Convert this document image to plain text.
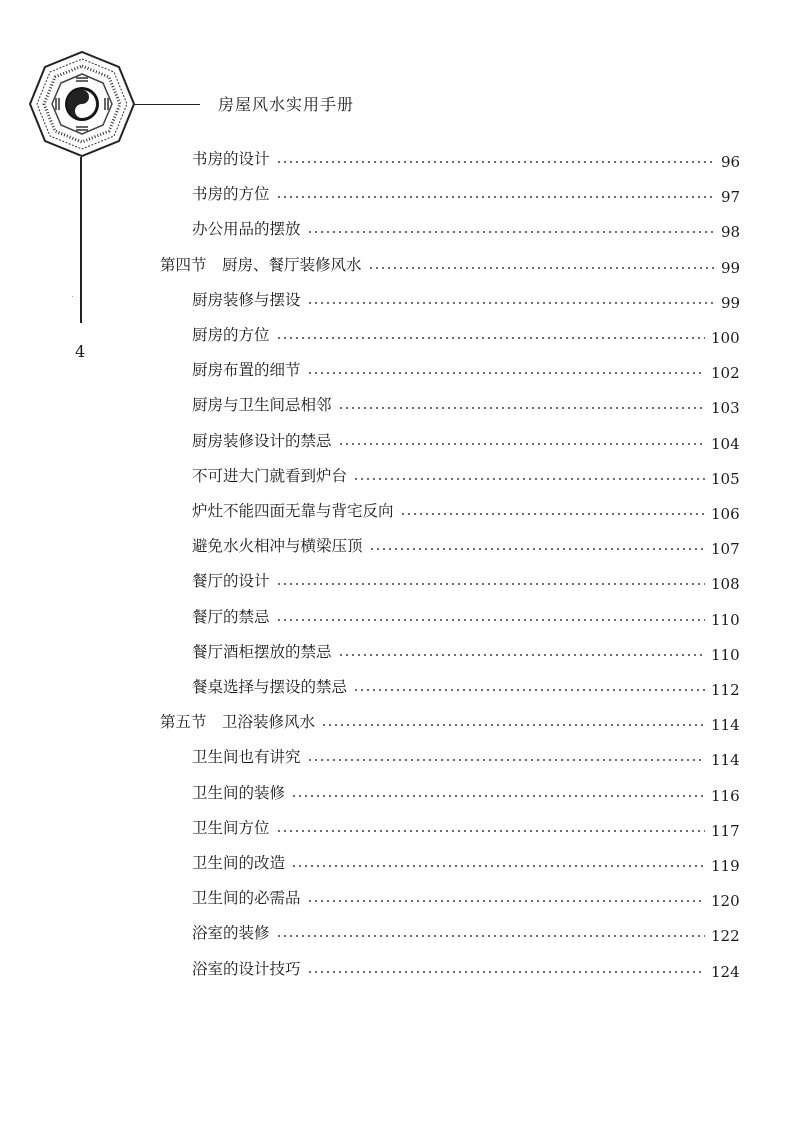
房屋风水实用手册
4
书房的设计	96
书房的方位	97
办公用品的摆放	98
第四节　厨房、餐厅装修风水	99
厨房装修与摆设	99
厨房的方位	100
厨房布置的细节	102
厨房与卫生间忌相邻	103
厨房装修设计的禁忌	104
不可进大门就看到炉台	105
炉灶不能四面无靠与背宅反向	106
避免水火相冲与横梁压顶	107
餐厅的设计	108
餐厅的禁忌	110
餐厅酒柜摆放的禁忌	110
餐桌选择与摆设的禁忌	112
第五节　卫浴装修风水	114
卫生间也有讲究	114
卫生间的装修	116
卫生间方位	117
卫生间的改造	119
卫生间的必需品	120
浴室的装修	122
浴室的设计技巧	124
